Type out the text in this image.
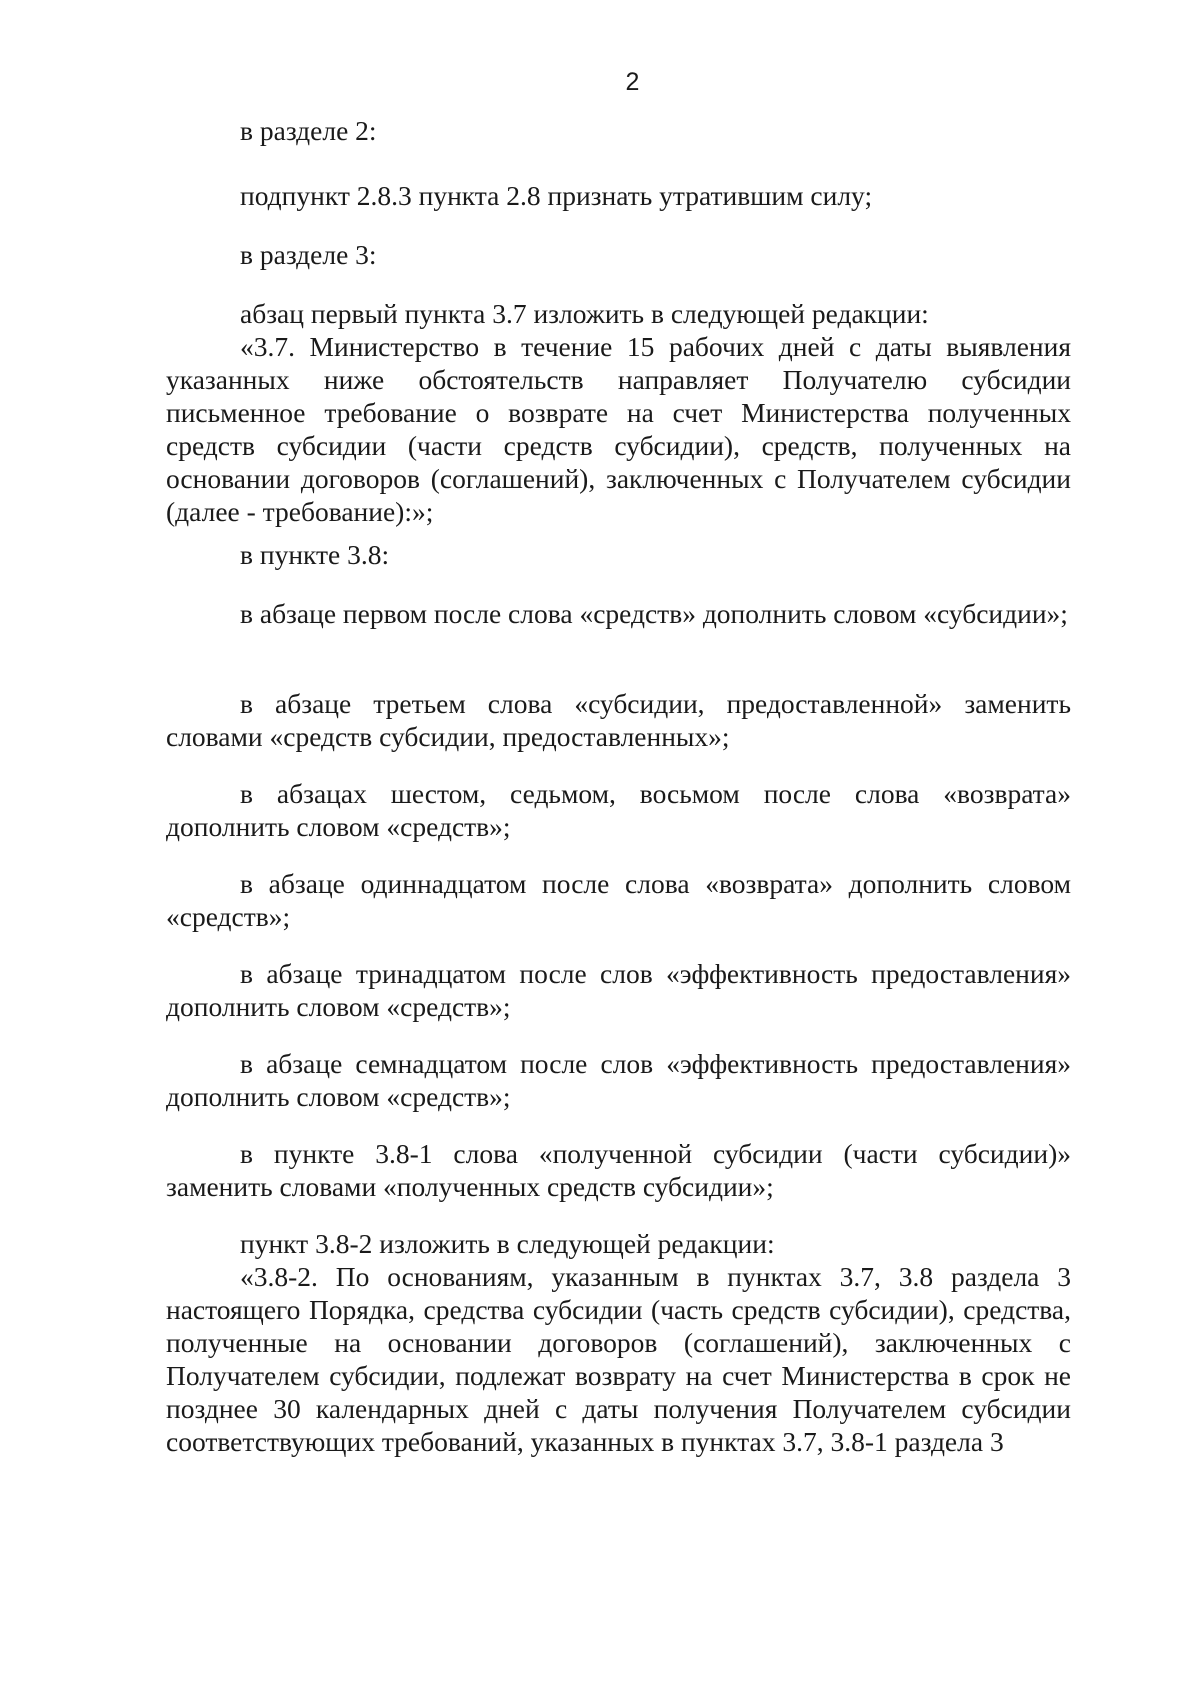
2

в разделе 2:

подпункт 2.8.3 пункта 2.8 признать утратившим силу;

в разделе 3:

абзац первый пункта 3.7 изложить в следующей редакции:

«3.7. Министерство в течение 15 рабочих дней с даты выявления указанных ниже обстоятельств направляет Получателю субсидии письменное требование о возврате на счет Министерства полученных средств субсидии (части средств субсидии), средств, полученных на основании договоров (соглашений), заключенных с Получателем субсидии (далее - требование):»;

в пункте 3.8:

в абзаце первом после слова «средств» дополнить словом «субсидии»;

в абзаце третьем слова «субсидии, предоставленной» заменить словами «средств субсидии, предоставленных»;

в абзацах шестом, седьмом, восьмом после слова «возврата» дополнить словом «средств»;

в абзаце одиннадцатом после слова «возврата» дополнить словом «средств»;

в абзаце тринадцатом после слов «эффективность предоставления» дополнить словом «средств»;

в абзаце семнадцатом после слов «эффективность предоставления» дополнить словом «средств»;

в пункте 3.8-1 слова «полученной субсидии (части субсидии)» заменить словами «полученных средств субсидии»;

пункт 3.8-2 изложить в следующей редакции:

«3.8-2. По основаниям, указанным в пунктах 3.7, 3.8 раздела 3 настоящего Порядка, средства субсидии (часть средств субсидии), средства, полученные на основании договоров (соглашений), заключенных с Получателем субсидии, подлежат возврату на счет Министерства в срок не позднее 30 календарных дней с даты получения Получателем субсидии соответствующих требований, указанных в пунктах 3.7, 3.8-1 раздела 3
